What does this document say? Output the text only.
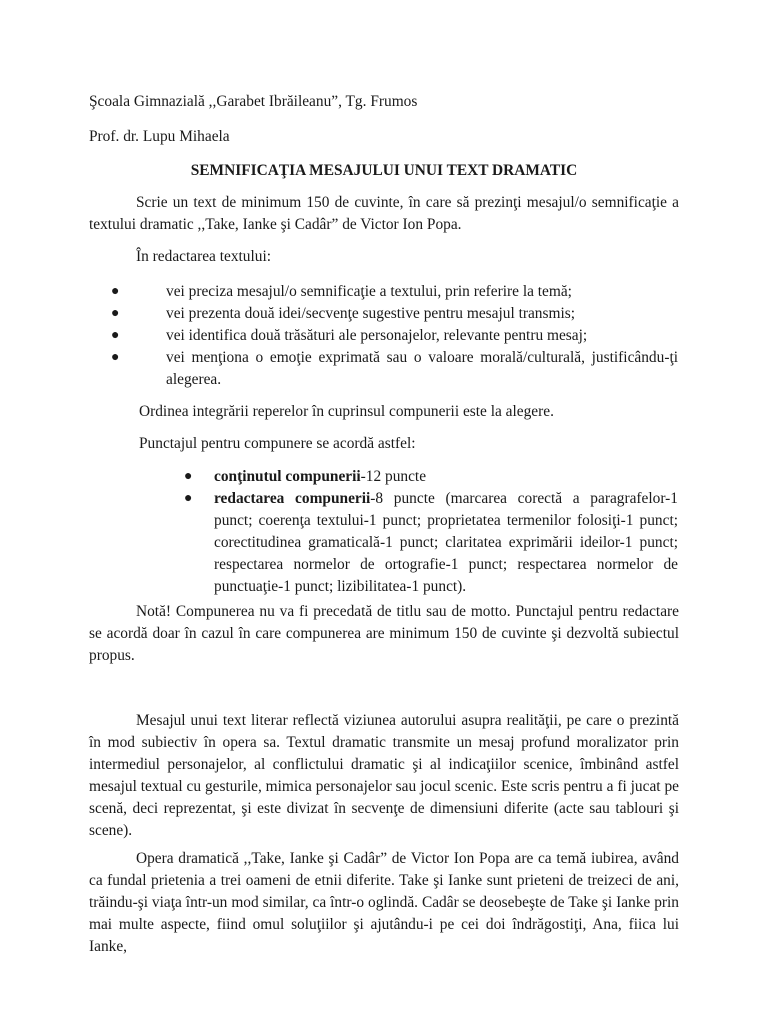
Şcoala Gimnazială ,,Garabet Ibrăileanu”, Tg. Frumos

Prof. dr. Lupu Mihaela

SEMNIFICAŢIA MESAJULUI UNUI TEXT DRAMATIC

Scrie un text de minimum 150 de cuvinte, în care să prezinţi mesajul/o semnificaţie a textului dramatic ,,Take, Ianke şi Cadâr” de Victor Ion Popa.

În redactarea textului:

●	vei preciza mesajul/o semnificaţie a textului, prin referire la temă;
●	vei prezenta două idei/secvenţe sugestive pentru mesajul transmis;
●	vei identifica două trăsături ale personajelor, relevante pentru mesaj;
●	vei menţiona o emoţie exprimată sau o valoare morală/culturală, justificându-ţi alegerea.

Ordinea integrării reperelor în cuprinsul compunerii este la alegere.

Punctajul pentru compunere se acordă astfel:

● conţinutul compunerii-12 puncte
● redactarea compunerii-8 puncte (marcarea corectă a paragrafelor-1 punct; coerenţa textului-1 punct; proprietatea termenilor folosiţi-1 punct; corectitudinea gramaticală-1 punct; claritatea exprimării ideilor-1 punct; respectarea normelor de ortografie-1 punct; respectarea normelor de punctuaţie-1 punct; lizibilitatea-1 punct).

Notă! Compunerea nu va fi precedată de titlu sau de motto. Punctajul pentru redactare se acordă doar în cazul în care compunerea are minimum 150 de cuvinte şi dezvoltă subiectul propus.

Mesajul unui text literar reflectă viziunea autorului asupra realităţii, pe care o prezintă în mod subiectiv în opera sa. Textul dramatic transmite un mesaj profund moralizator prin intermediul personajelor, al conflictului dramatic şi al indicaţiilor scenice, îmbinând astfel mesajul textual cu gesturile, mimica personajelor sau jocul scenic. Este scris pentru a fi jucat pe scenă, deci reprezentat, şi este divizat în secvenţe de dimensiuni diferite (acte sau tablouri şi scene).

Opera dramatică ,,Take, Ianke şi Cadâr” de Victor Ion Popa are ca temă iubirea, având ca fundal prietenia a trei oameni de etnii diferite. Take şi Ianke sunt prieteni de treizeci de ani, trăindu-şi viaţa într-un mod similar, ca într-o oglindă. Cadâr se deosebeşte de Take şi Ianke prin mai multe aspecte, fiind omul soluţiilor şi ajutându-i pe cei doi îndrăgostiţi, Ana, fiica lui Ianke,
